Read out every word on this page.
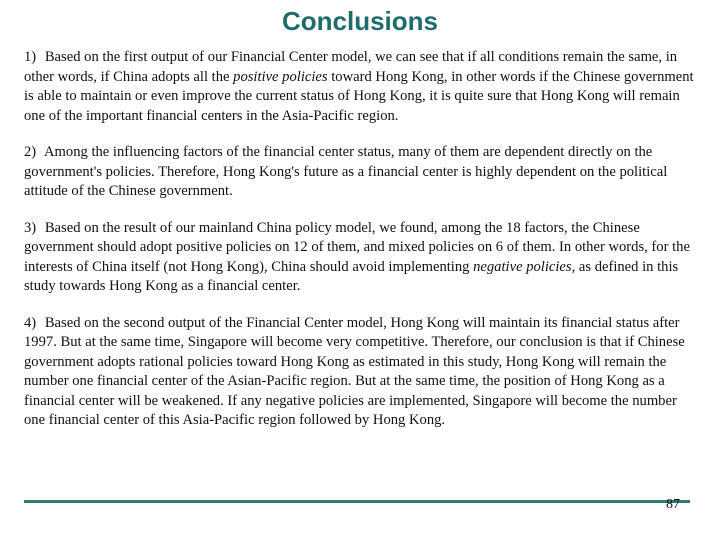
Conclusions

1) Based on the first output of our Financial Center model, we can see that if all conditions remain the same, in other words, if China adopts all the positive policies toward Hong Kong, in other words if the Chinese government is able to maintain or even improve the current status of Hong Kong, it is quite sure that Hong Kong will remain one of the important financial centers in the Asia-Pacific region.

2) Among the influencing factors of the financial center status, many of them are dependent directly on the government's policies. Therefore, Hong Kong's future as a financial center is highly dependent on the political attitude of the Chinese government.

3) Based on the result of our mainland China policy model, we found, among the 18 factors, the Chinese government should adopt positive policies on 12 of them, and mixed policies on 6 of them. In other words, for the interests of China itself (not Hong Kong), China should avoid implementing negative policies, as defined in this study towards Hong Kong as a financial center.

4) Based on the second output of the Financial Center model, Hong Kong will maintain its financial status after 1997. But at the same time, Singapore will become very competitive. Therefore, our conclusion is that if Chinese government adopts rational policies toward Hong Kong as estimated in this study, Hong Kong will remain the number one financial center of the Asian-Pacific region. But at the same time, the position of Hong Kong as a financial center will be weakened. If any negative policies are implemented, Singapore will become the number one financial center of this Asia-Pacific region followed by Hong Kong.

87
